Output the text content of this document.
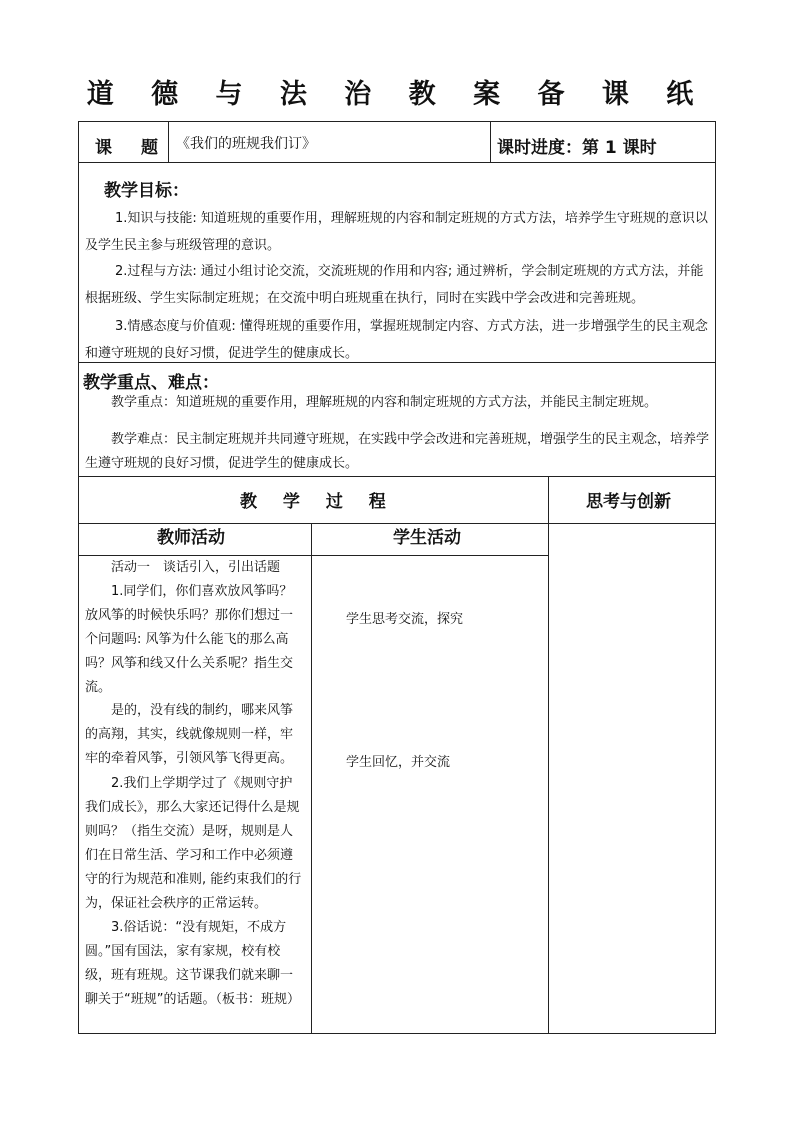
道 德 与 法 治 教 案 备 课 纸
课　题 《我们的班规我们订》	课时进度：第 1 课时
教学目标：
1.知识与技能: 知道班规的重要作用，理解班规的内容和制定班规的方式方法，培养学生守班规的意识以及学生民主参与班级管理的意识。
2.过程与方法: 通过小组讨论交流，交流班规的作用和内容; 通过辨析，学会制定班规的方式方法，并能根据班级、学生实际制定班规；在交流中明白班规重在执行，同时在实践中学会改进和完善班规。
3.情感态度与价值观: 懂得班规的重要作用，掌握班规制定内容、方式方法，进一步增强学生的民主观念和遵守班规的良好习惯，促进学生的健康成长。
教学重点、难点：
教学重点：知道班规的重要作用，理解班规的内容和制定班规的方式方法，并能民主制定班规。
教学难点：民主制定班规并共同遵守班规，在实践中学会改进和完善班规，增强学生的民主观念，培养学生遵守班规的良好习惯，促进学生的健康成长。
教 学 过 程	思考与创新
教师活动	学生活动
活动一　谈话引入，引出话题
1.同学们，你们喜欢放风筝吗？放风筝的时候快乐吗？那你们想过一个问题吗: 风筝为什么能飞的那么高吗？风筝和线又什么关系呢？指生交流。
是的，没有线的制约，哪来风筝的高翔，其实，线就像规则一样，牢牢的牵着风筝，引领风筝飞得更高。
2.我们上学期学过了《规则守护我们成长》，那么大家还记得什么是规则吗？（指生交流）是呀，规则是人们在日常生活、学习和工作中必须遵守的行为规范和准则, 能约束我们的行为，保证社会秩序的正常运转。
3.俗话说：“没有规矩，不成方圆。”国有国法，家有家规，校有校级，班有班规。这节课我们就来聊一聊关于“班规”的话题。（板书：班规）
学生思考交流，探究
学生回忆，并交流
